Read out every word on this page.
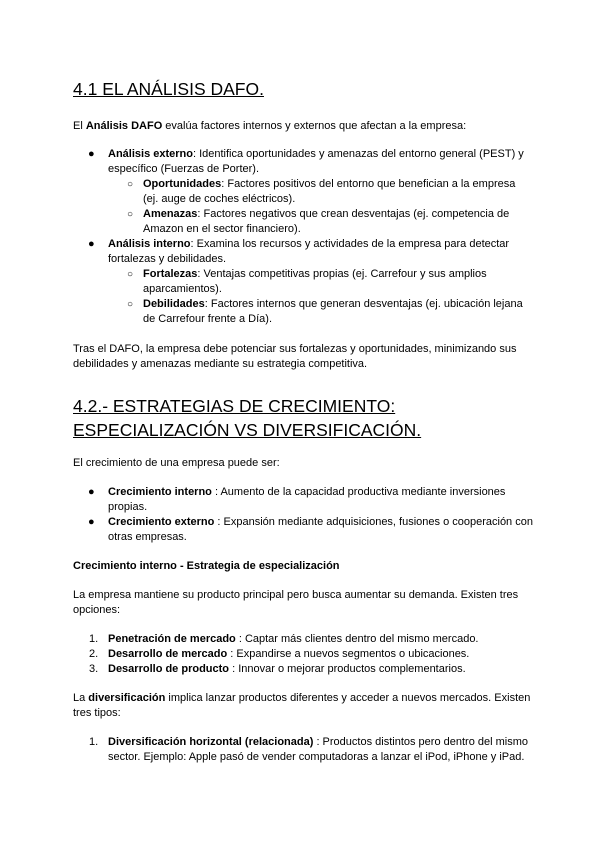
4.1 EL ANÁLISIS DAFO.

El Análisis DAFO evalúa factores internos y externos que afectan a la empresa:

● Análisis externo: Identifica oportunidades y amenazas del entorno general (PEST) y específico (Fuerzas de Porter).
○ Oportunidades: Factores positivos del entorno que benefician a la empresa (ej. auge de coches eléctricos).
○ Amenazas: Factores negativos que crean desventajas (ej. competencia de Amazon en el sector financiero).
● Análisis interno: Examina los recursos y actividades de la empresa para detectar fortalezas y debilidades.
○ Fortalezas: Ventajas competitivas propias (ej. Carrefour y sus amplios aparcamientos).
○ Debilidades: Factores internos que generan desventajas (ej. ubicación lejana de Carrefour frente a Día).

Tras el DAFO, la empresa debe potenciar sus fortalezas y oportunidades, minimizando sus debilidades y amenazas mediante su estrategia competitiva.

4.2.- ESTRATEGIAS DE CRECIMIENTO: ESPECIALIZACIÓN VS DIVERSIFICACIÓN.

El crecimiento de una empresa puede ser:

● Crecimiento interno : Aumento de la capacidad productiva mediante inversiones propias.
● Crecimiento externo : Expansión mediante adquisiciones, fusiones o cooperación con otras empresas.

Crecimiento interno - Estrategia de especialización

La empresa mantiene su producto principal pero busca aumentar su demanda. Existen tres opciones:

1. Penetración de mercado : Captar más clientes dentro del mismo mercado.
2. Desarrollo de mercado : Expandirse a nuevos segmentos o ubicaciones.
3. Desarrollo de producto : Innovar o mejorar productos complementarios.

La diversificación implica lanzar productos diferentes y acceder a nuevos mercados. Existen tres tipos:

1. Diversificación horizontal (relacionada) : Productos distintos pero dentro del mismo sector. Ejemplo: Apple pasó de vender computadoras a lanzar el iPod, iPhone y iPad.
